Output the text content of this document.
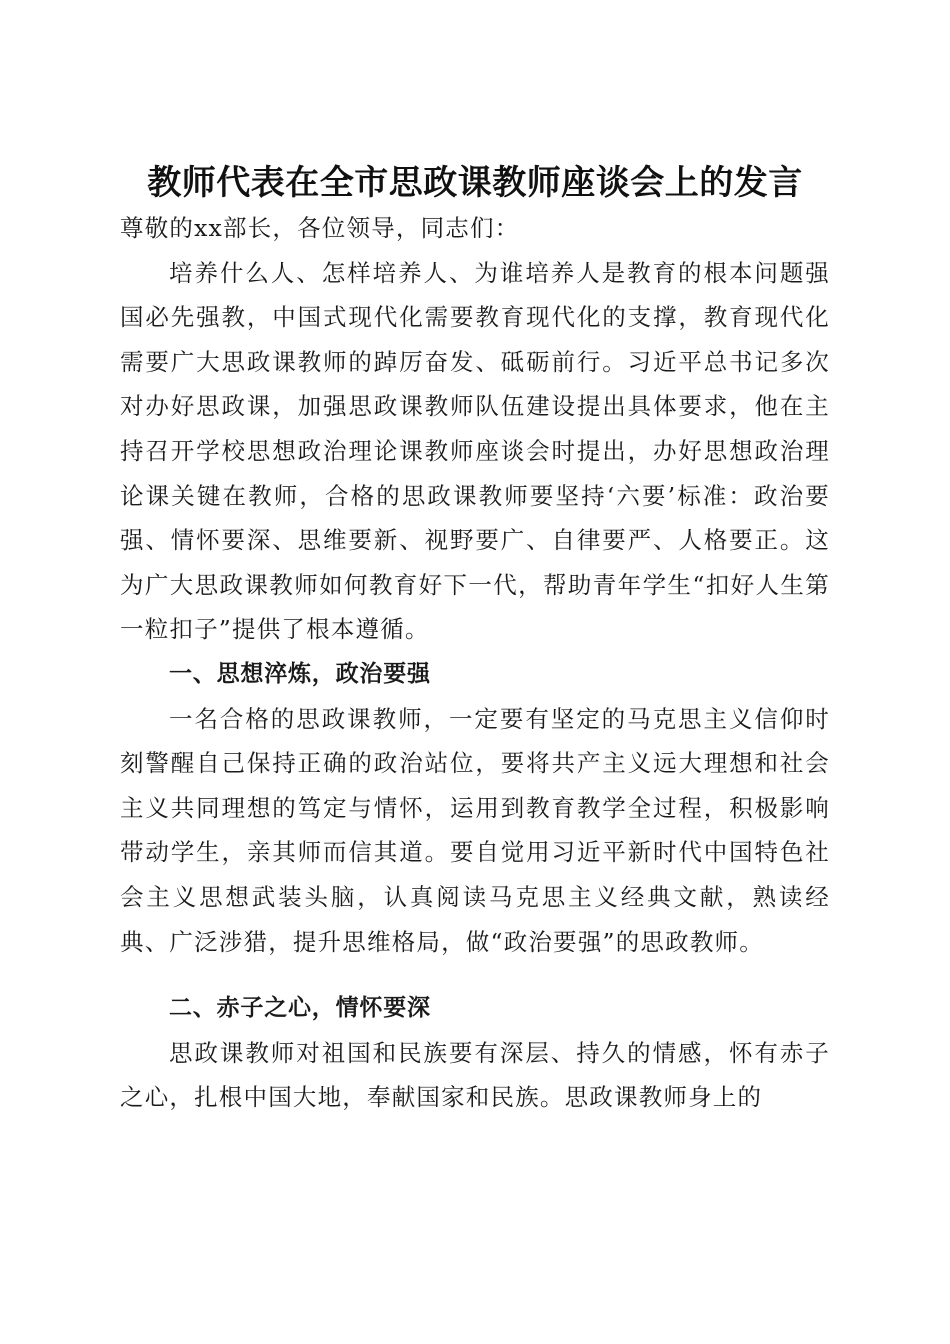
教师代表在全市思政课教师座谈会上的发言

尊敬的xx部长，各位领导，同志们：

培养什么人、怎样培养人、为谁培养人是教育的根本问题强国必先强教，中国式现代化需要教育现代化的支撑，教育现代化需要广大思政课教师的踔厉奋发、砥砺前行。习近平总书记多次对办好思政课，加强思政课教师队伍建设提出具体要求，他在主持召开学校思想政治理论课教师座谈会时提出，办好思想政治理论课关键在教师，合格的思政课教师要坚持‘六要’标准：政治要强、情怀要深、思维要新、视野要广、自律要严、人格要正。这为广大思政课教师如何教育好下一代，帮助青年学生“扣好人生第一粒扣子”提供了根本遵循。

一、思想淬炼，政治要强

一名合格的思政课教师，一定要有坚定的马克思主义信仰时刻警醒自己保持正确的政治站位，要将共产主义远大理想和社会主义共同理想的笃定与情怀，运用到教育教学全过程，积极影响带动学生，亲其师而信其道。要自觉用习近平新时代中国特色社会主义思想武装头脑，认真阅读马克思主义经典文献，熟读经典、广泛涉猎，提升思维格局，做“政治要强”的思政教师。

二、赤子之心，情怀要深

思政课教师对祖国和民族要有深层、持久的情感，怀有赤子之心，扎根中国大地，奉献国家和民族。思政课教师身上的
